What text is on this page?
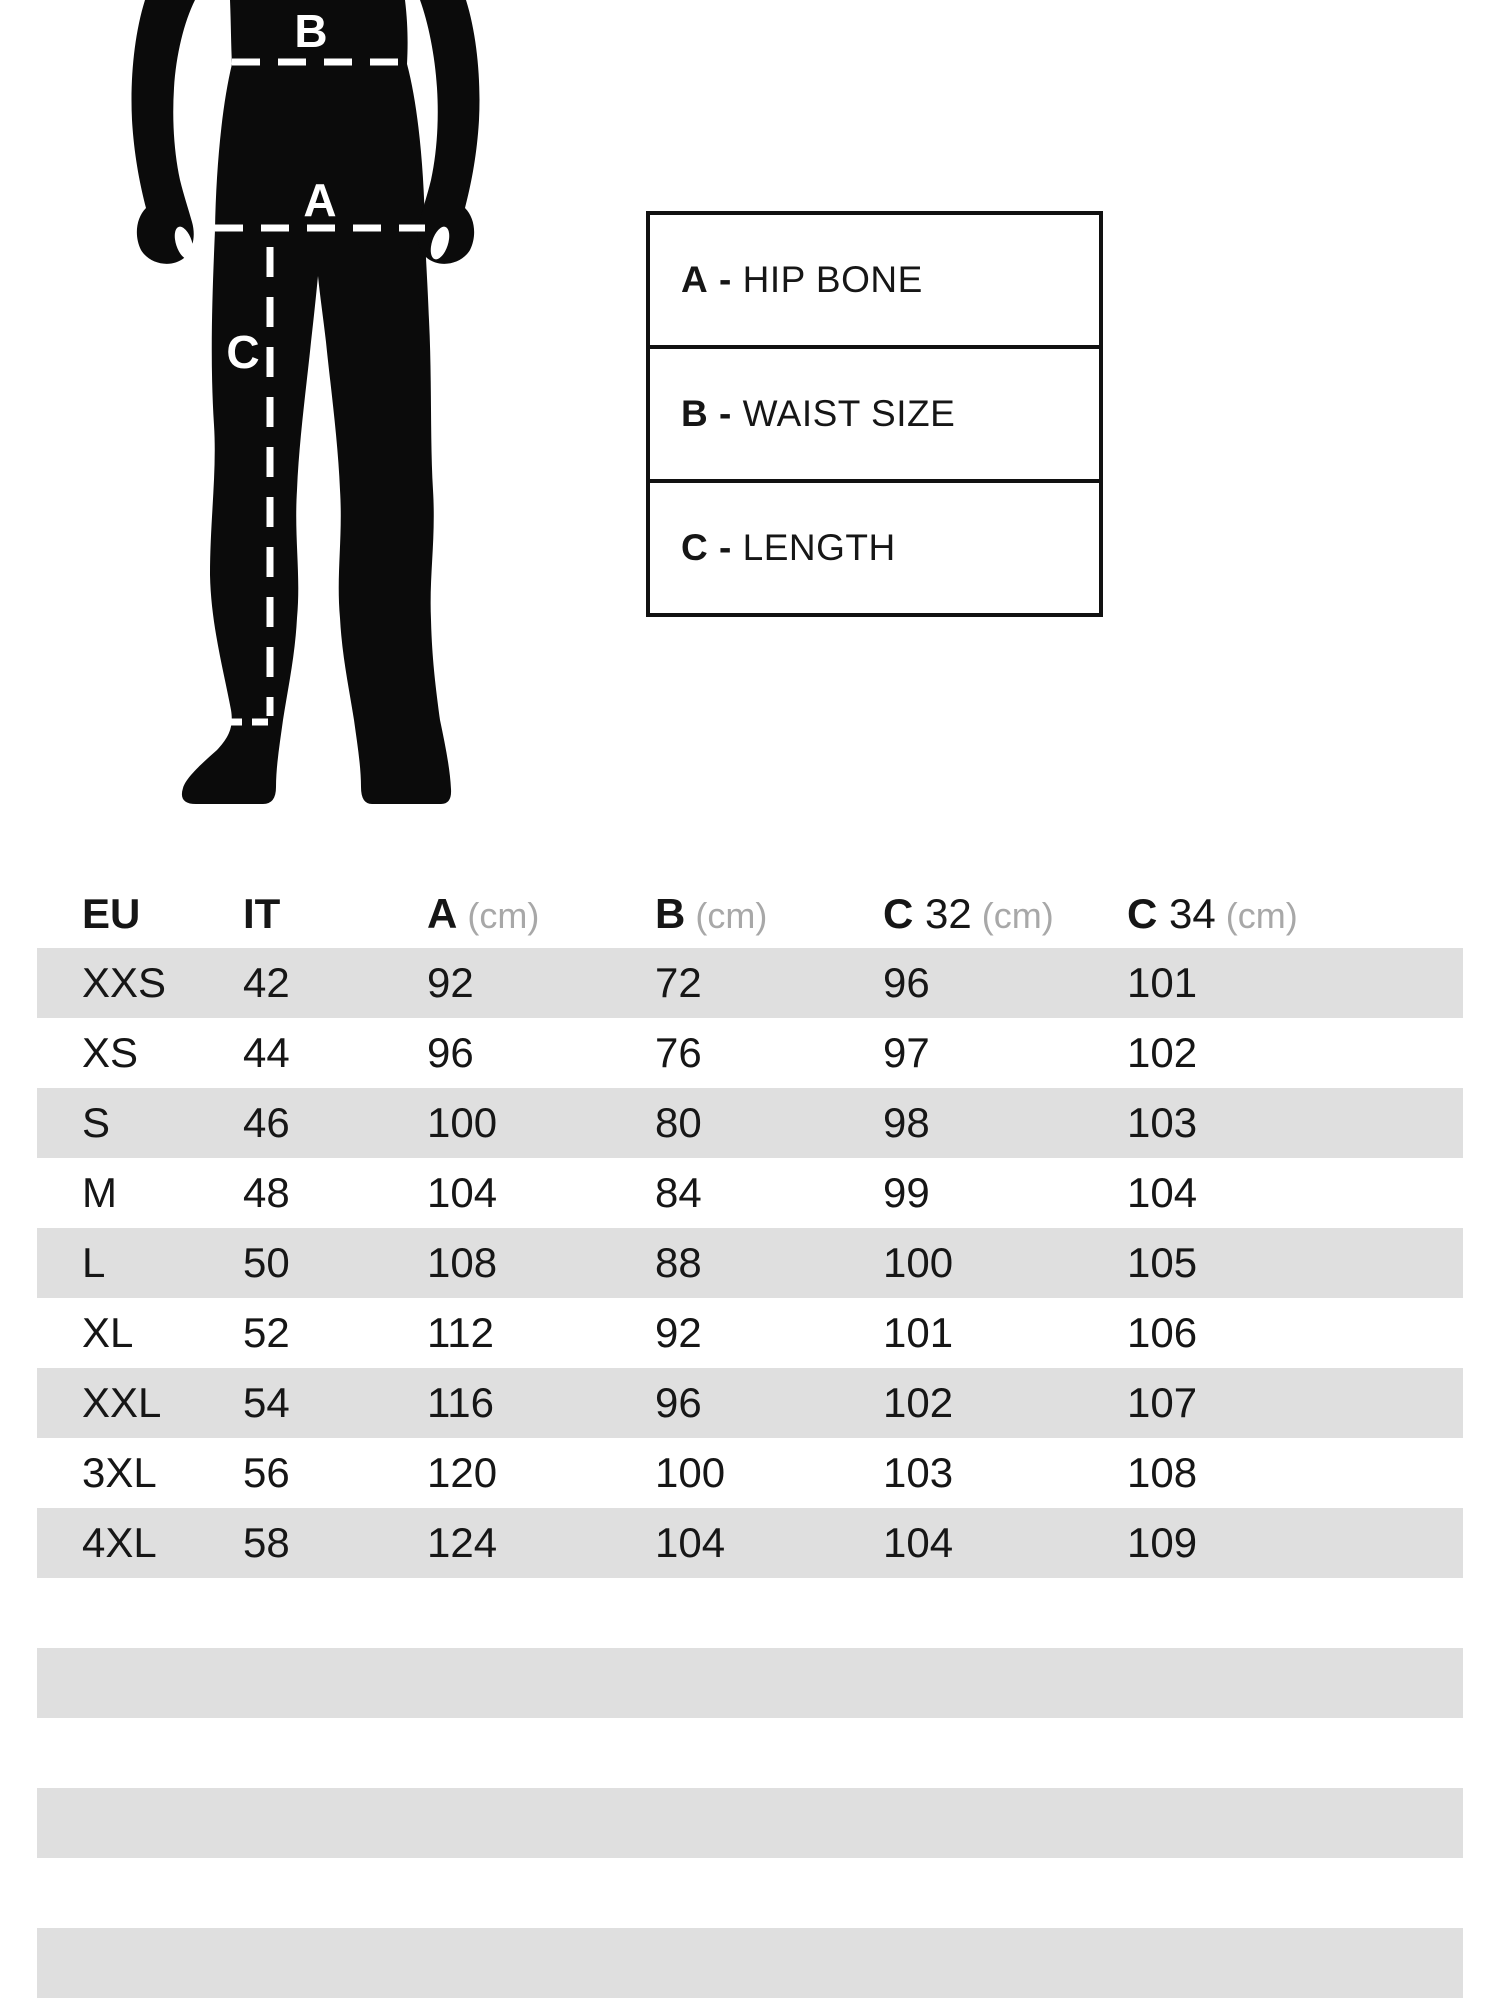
B
A
C
A - HIP BONE
B - WAIST SIZE
C - LENGTH
EU	IT	A (cm)	B (cm)	C 32 (cm)	C 34 (cm)
XXS	42	92	72	96	101
XS	44	96	76	97	102
S	46	100	80	98	103
M	48	104	84	99	104
L	50	108	88	100	105
XL	52	112	92	101	106
XXL	54	116	96	102	107
3XL	56	120	100	103	108
4XL	58	124	104	104	109
